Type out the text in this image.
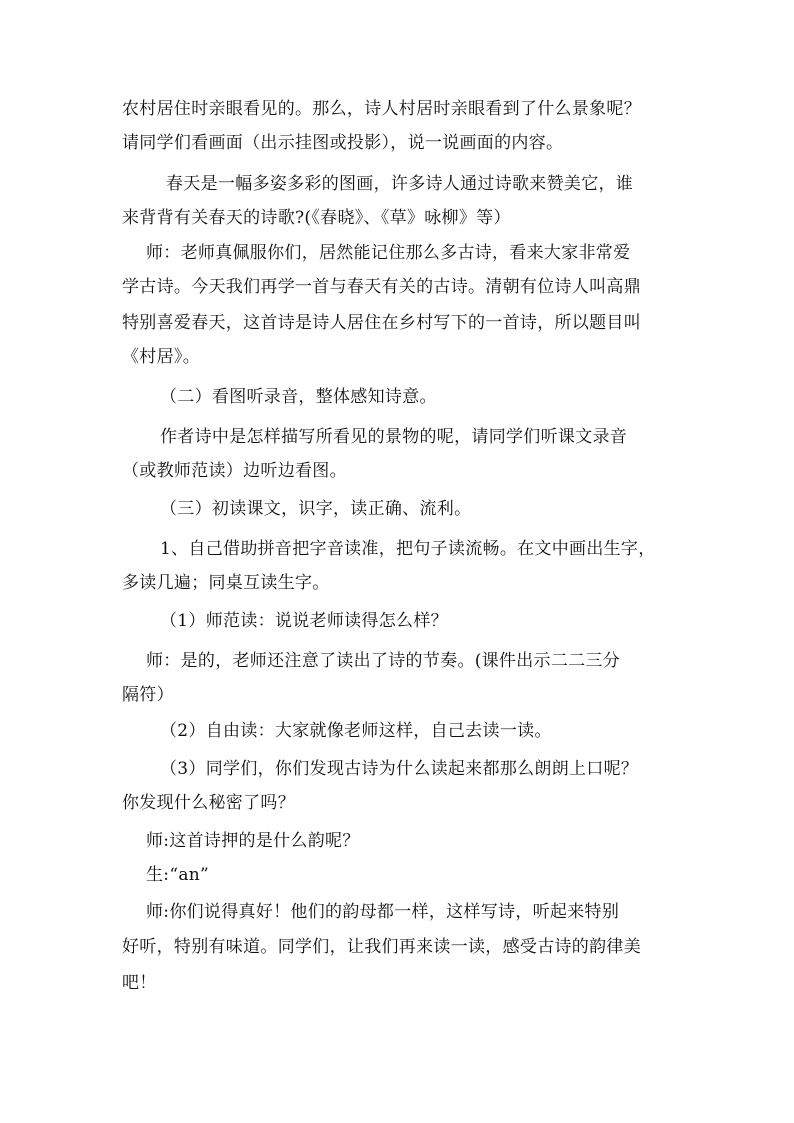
农村居住时亲眼看见的。那么，诗人村居时亲眼看到了什么景象呢？
请同学们看画面（出示挂图或投影），说一说画面的内容。
春天是一幅多姿多彩的图画，许多诗人通过诗歌来赞美它，谁
来背背有关春天的诗歌?(《春晓》、《草》咏柳》等）
师：老师真佩服你们，居然能记住那么多古诗，看来大家非常爱
学古诗。今天我们再学一首与春天有关的古诗。清朝有位诗人叫高鼎
特别喜爱春天，这首诗是诗人居住在乡村写下的一首诗，所以题目叫
《村居》。
（二）看图听录音，整体感知诗意。
作者诗中是怎样描写所看见的景物的呢，请同学们听课文录音
（或教师范读）边听边看图。
（三）初读课文，识字，读正确、流利。
1、自己借助拼音把字音读准，把句子读流畅。在文中画出生字，
多读几遍；同桌互读生字。
（1）师范读：说说老师读得怎么样？
师：是的，老师还注意了读出了诗的节奏。(课件出示二二三分
隔符）
（2）自由读：大家就像老师这样，自己去读一读。
（3）同学们，你们发现古诗为什么读起来都那么朗朗上口呢？
你发现什么秘密了吗？
师:这首诗押的是什么韵呢？
生:“an”
师:你们说得真好！他们的韵母都一样，这样写诗，听起来特别
好听，特别有味道。同学们，让我们再来读一读，感受古诗的韵律美
吧！
